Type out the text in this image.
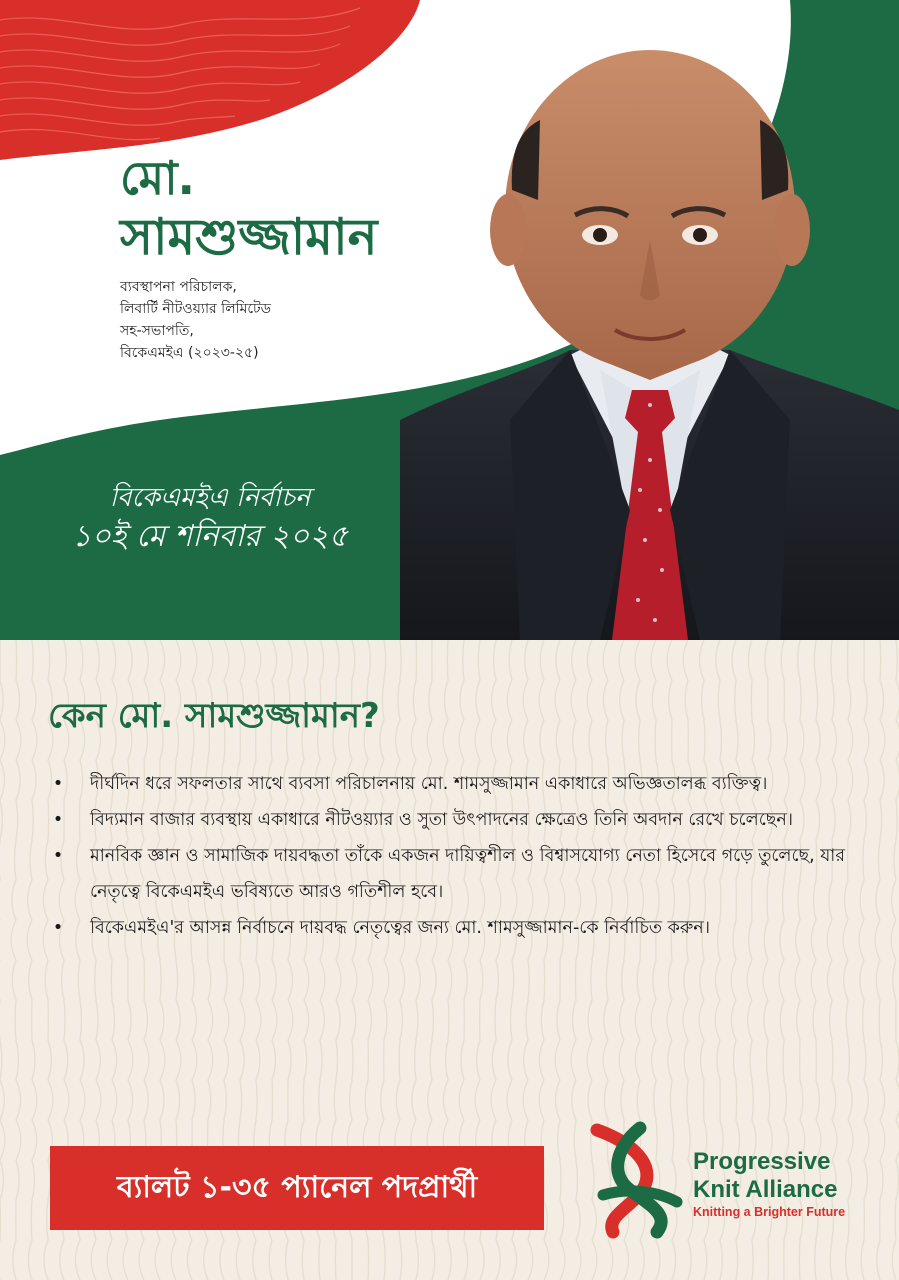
মো.
সামশুজ্জামান
ব্যবস্থাপনা পরিচালক,
লিবার্টি নীটওয়্যার লিমিটেড
সহ-সভাপতি,
বিকেএমইএ (২০২৩-২৫)
বিকেএমইএ নির্বাচন
১০ই মে শনিবার ২০২৫
কেন মো. সামশুজ্জামান?
• দীর্ঘদিন ধরে সফলতার সাথে ব্যবসা পরিচালনায় মো. শামসুজ্জামান একাধারে অভিজ্ঞতালব্ধ ব্যক্তিত্ব।
• বিদ্যমান বাজার ব্যবস্থায় একাধারে নীটওয়্যার ও সুতা উৎপাদনের ক্ষেত্রেও তিনি অবদান রেখে চলেছেন।
• মানবিক জ্ঞান ও সামাজিক দায়বদ্ধতা তাঁকে একজন দায়িত্বশীল ও বিশ্বাসযোগ্য নেতা হিসেবে গড়ে তুলেছে, যার নেতৃত্বে বিকেএমইএ ভবিষ্যতে আরও গতিশীল হবে।
• বিকেএমইএ'র আসন্ন নির্বাচনে দায়বদ্ধ নেতৃত্বের জন্য মো. শামসুজ্জামান-কে নির্বাচিত করুন।
ব্যালট ১-৩৫ প্যানেল পদপ্রার্থী
Progressive
Knit Alliance
Knitting a Brighter Future
